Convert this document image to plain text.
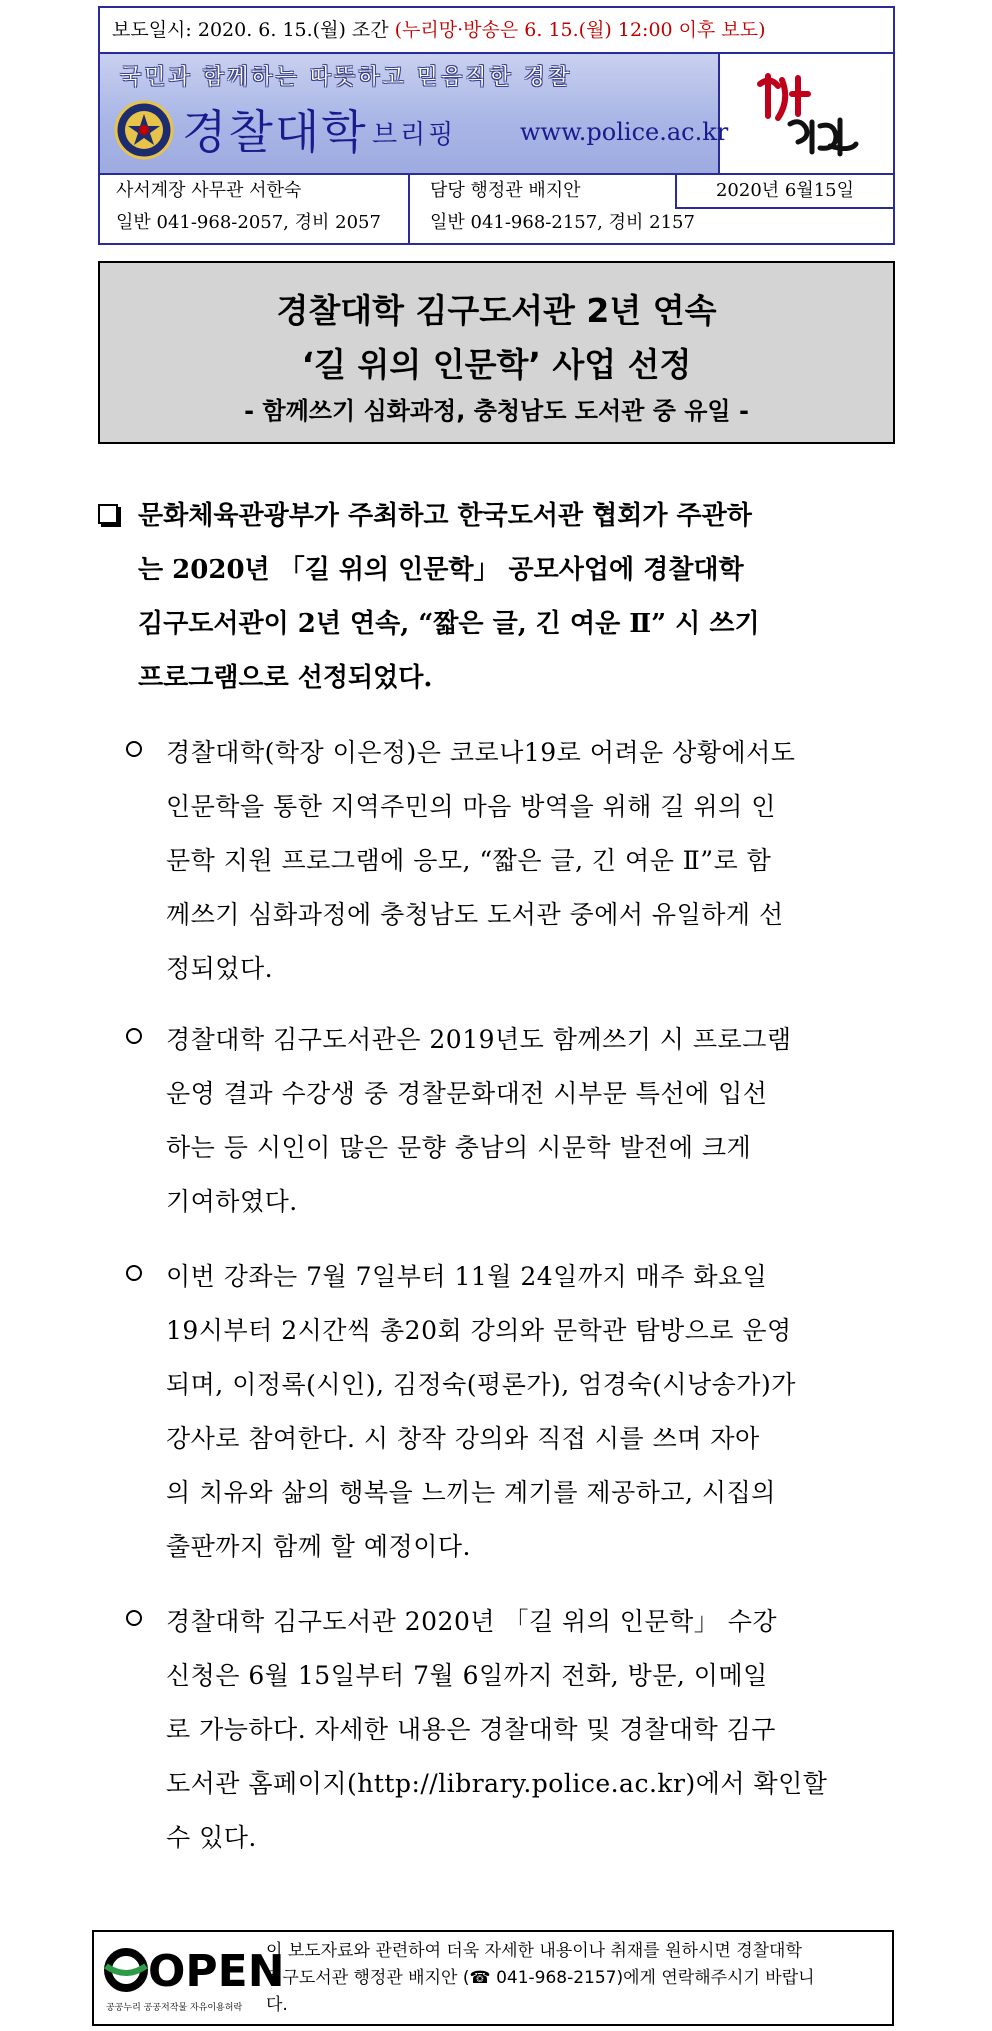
보도일시: 2020. 6. 15.(월) 조간 (누리망·방송은 6. 15.(월) 12:00 이후 보도)
국민과 함께하는 따뜻하고 믿음직한 경찰
경찰대학 브리핑	www.police.ac.kr
사서계장 사무관 서한숙
일반 041-968-2057, 경비 2057
담당 행정관 배지안
일반 041-968-2157, 경비 2157
2020년 6월15일
경찰대학 김구도서관 2년 연속
‘길 위의 인문학’ 사업 선정
- 함께쓰기 심화과정, 충청남도 도서관 중 유일 -
문화체육관광부가 주최하고 한국도서관 협회가 주관하
는 2020년 「길 위의 인문학」 공모사업에 경찰대학
김구도서관이 2년 연속, “짧은 글, 긴 여운 Ⅱ” 시 쓰기
프로그램으로 선정되었다.
경찰대학(학장 이은정)은 코로나19로 어려운 상황에서도
인문학을 통한 지역주민의 마음 방역을 위해 길 위의 인
문학 지원 프로그램에 응모, “짧은 글, 긴 여운 Ⅱ”로 함
께쓰기 심화과정에 충청남도 도서관 중에서 유일하게 선
정되었다.
경찰대학 김구도서관은 2019년도 함께쓰기 시 프로그램
운영 결과 수강생 중 경찰문화대전 시부문 특선에 입선
하는 등 시인이 많은 문향 충남의 시문학 발전에 크게
기여하였다.
이번 강좌는 7월 7일부터 11월 24일까지 매주 화요일
19시부터 2시간씩 총20회 강의와 문학관 탐방으로 운영
되며, 이정록(시인), 김정숙(평론가), 엄경숙(시낭송가)가
강사로 참여한다. 시 창작 강의와 직접 시를 쓰며 자아
의 치유와 삶의 행복을 느끼는 계기를 제공하고, 시집의
출판까지 함께 할 예정이다.
경찰대학 김구도서관 2020년 「길 위의 인문학」 수강
신청은 6월 15일부터 7월 6일까지 전화, 방문, 이메일
로 가능하다. 자세한 내용은 경찰대학 및 경찰대학 김구
도서관 홈페이지(http://library.police.ac.kr)에서 확인할
수 있다.
OPEN
공공누리 공공저작물 자유이용허락
이 보도자료와 관련하여 더욱 자세한 내용이나 취재를 원하시면 경찰대학
김구도서관 행정관 배지안 (☎ 041-968-2157)에게 연락해주시기 바랍니
다.
